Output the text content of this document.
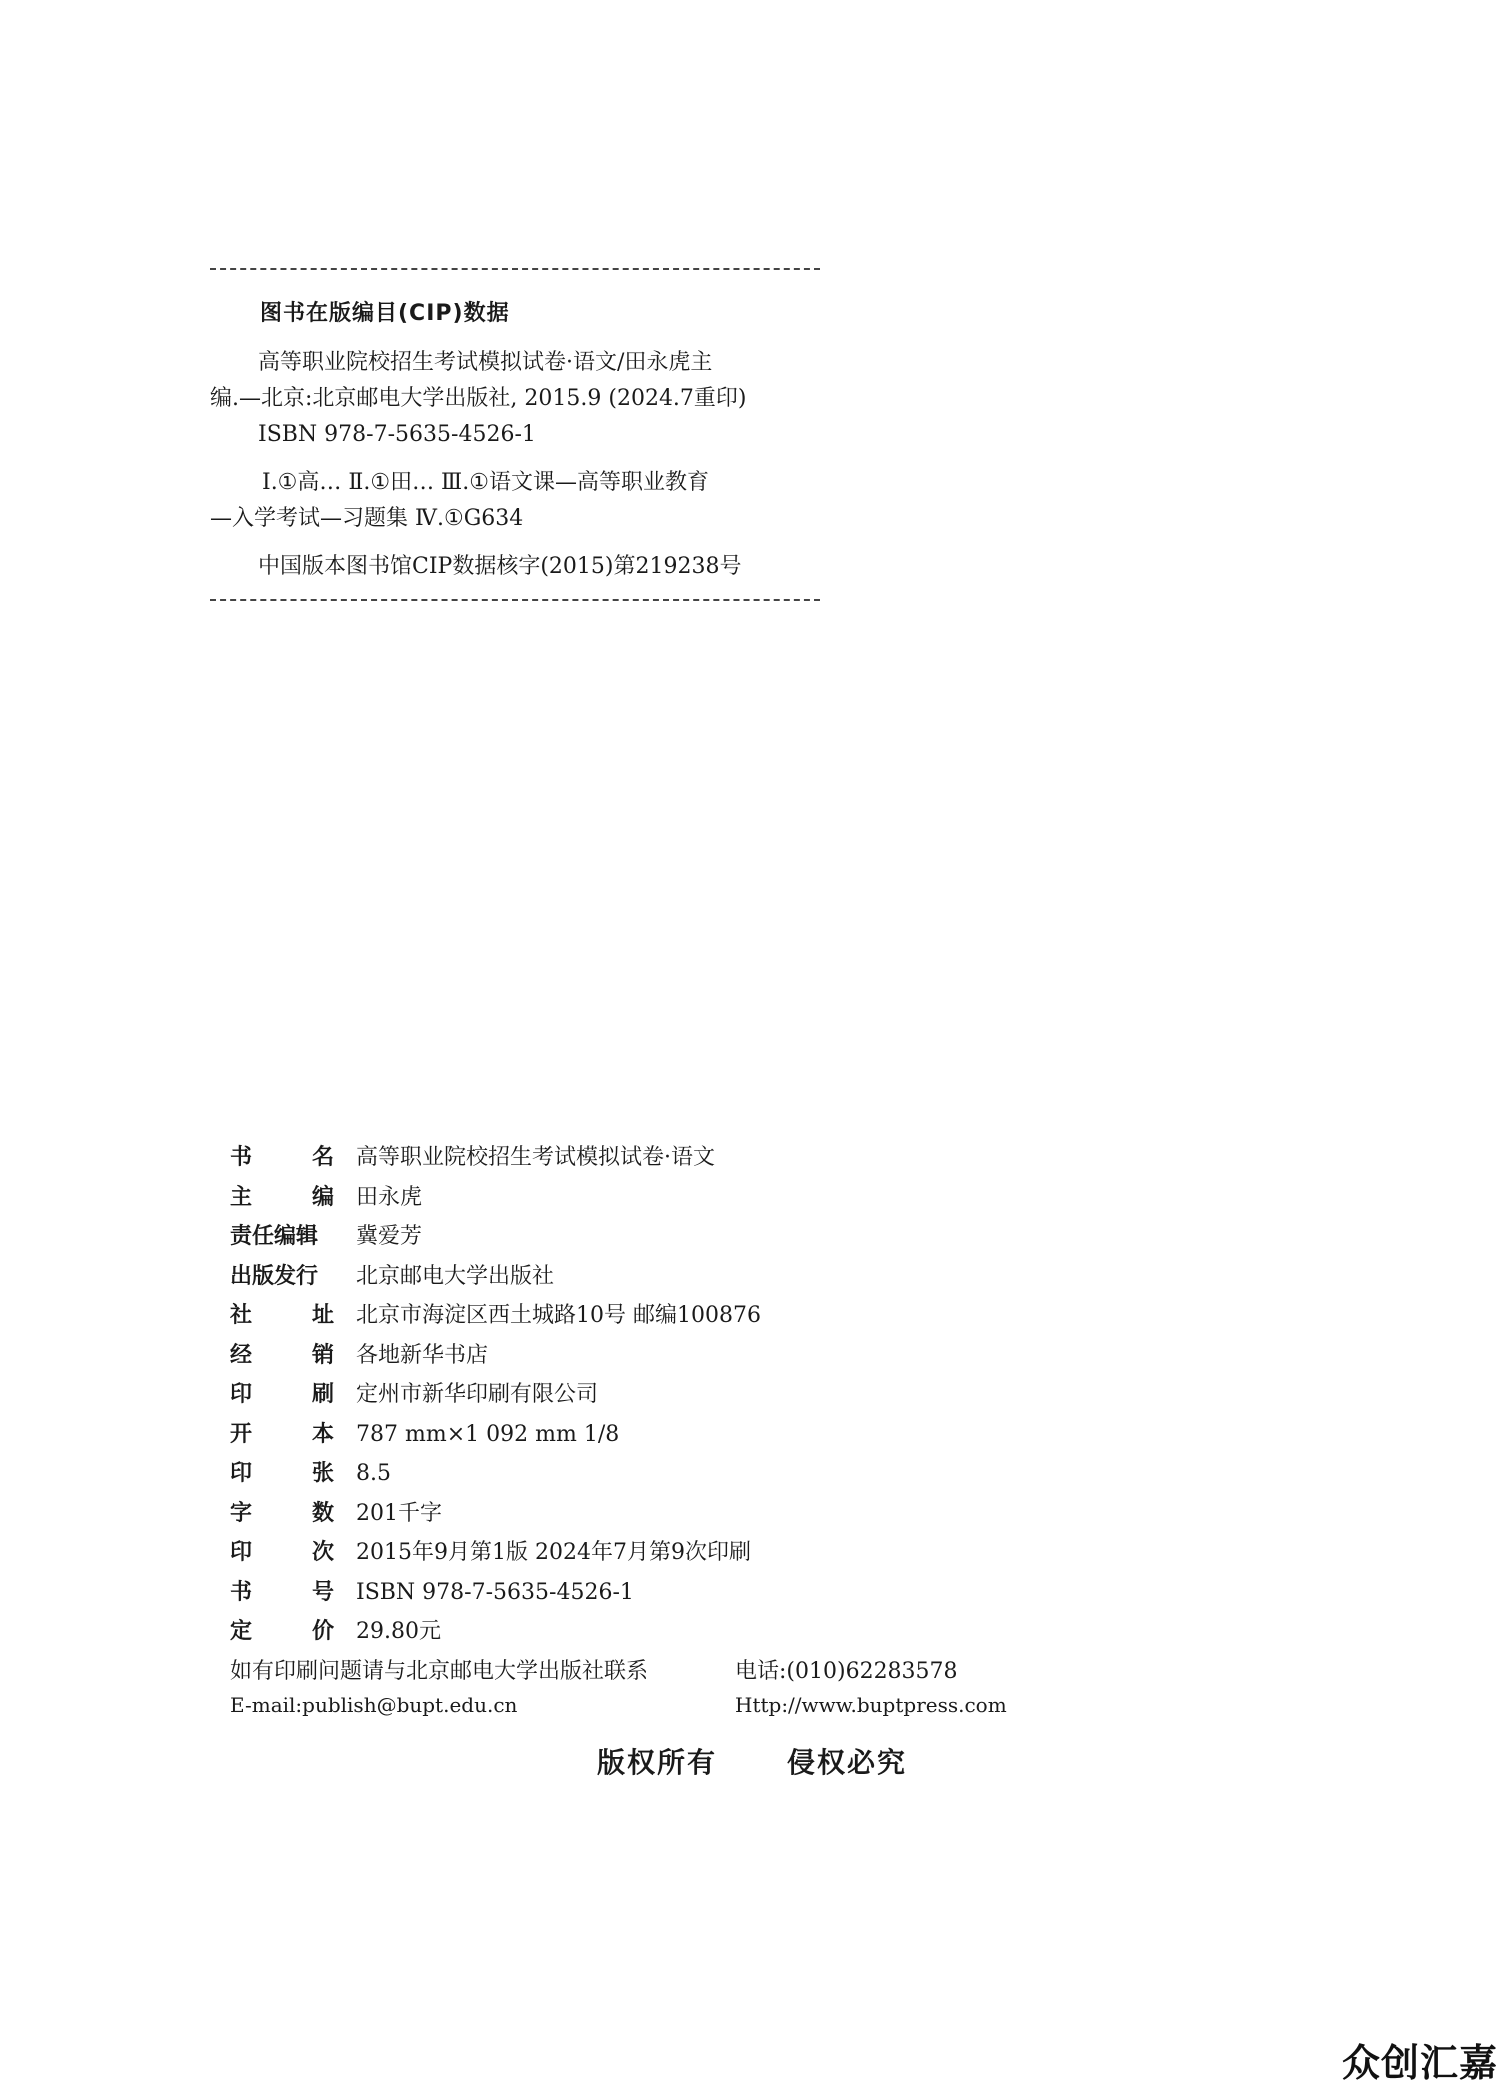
图书在版编目(CIP)数据

高等职业院校招生考试模拟试卷·语文/田永虎主

编.—北京:北京邮电大学出版社, 2015.9 (2024.7重印)

ISBN 978-7-5635-4526-1

Ⅰ.①高… Ⅱ.①田… Ⅲ.①语文课—高等职业教育

—入学考试—习题集 Ⅳ.①G634

中国版本图书馆CIP数据核字(2015)第219238号

书	名 高等职业院校招生考试模拟试卷·语文
主	编 田永虎
责任编辑 冀爱芳
出版发行 北京邮电大学出版社
社	址 北京市海淀区西土城路10号 邮编100876
经	销 各地新华书店
印	刷 定州市新华印刷有限公司
开	本 787 mm×1 092 mm 1/8
印	张 8.5
字	数 201千字
印	次 2015年9月第1版 2024年7月第9次印刷
书	号 ISBN 978-7-5635-4526-1
定	价 29.80元
如有印刷问题请与北京邮电大学出版社联系	电话:(010)62283578
E-mail:publish@bupt.edu.cn	Http://www.buptpress.com
版权所有	侵权必究
众创汇嘉
